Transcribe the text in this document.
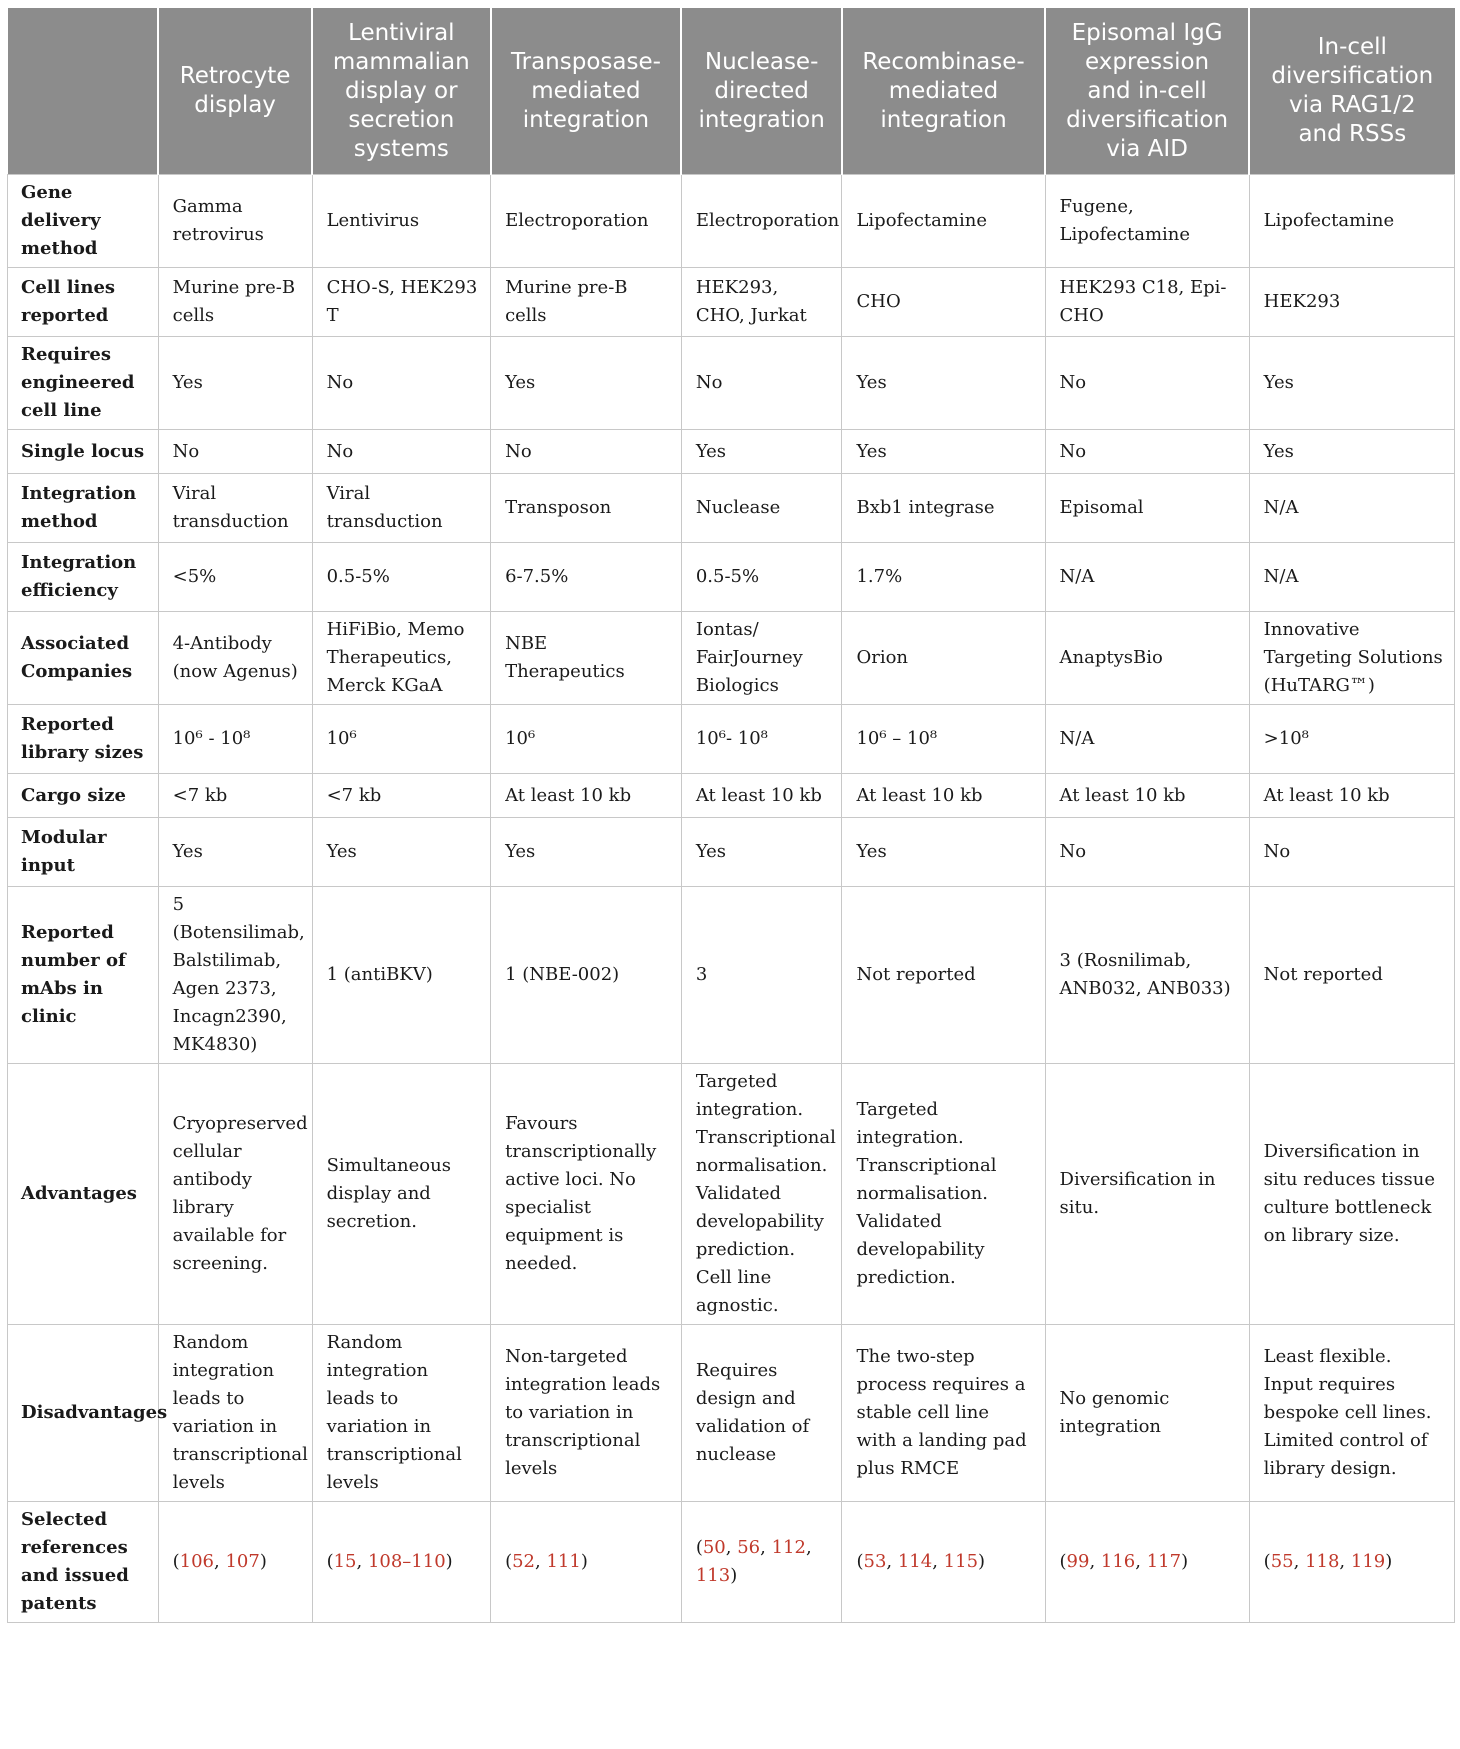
	Retrocyte
display	Lentiviral
mammalian
display or
secretion
systems	Transposase-
mediated
integration	Nuclease-
directed
integration	Recombinase-
mediated
integration	Episomal IgG
expression
and in-cell
diversification
via AID	In-cell
diversification
via RAG1/2
and RSSs

Gene delivery method	Gamma retrovirus	Lentivirus	Electroporation	Electroporation	Lipofectamine	Fugene, Lipofectamine	Lipofectamine
Cell lines reported	Murine pre-B cells	CHO-S, HEK293 T	Murine pre-B cells	HEK293, CHO, Jurkat	CHO	HEK293 C18, Epi-CHO	HEK293
Requires engineered cell line	Yes	No	Yes	No	Yes	No	Yes
Single locus	No	No	No	Yes	Yes	No	Yes
Integration method	Viral transduction	Viral transduction	Transposon	Nuclease	Bxb1 integrase	Episomal	N/A
Integration efficiency	<5%	0.5-5%	6-7.5%	0.5-5%	1.7%	N/A	N/A
Associated Companies	4-Antibody (now Agenus)	HiFiBio, Memo Therapeutics, Merck KGaA	NBE Therapeutics	Iontas/ FairJourney Biologics	Orion	AnaptysBio	Innovative Targeting Solutions (HuTARG™)
Reported library sizes	10⁶ - 10⁸	10⁶	10⁶	10⁶- 10⁸	10⁶ – 10⁸	N/A	>10⁸
Cargo size	<7 kb	<7 kb	At least 10 kb	At least 10 kb	At least 10 kb	At least 10 kb	At least 10 kb
Modular input	Yes	Yes	Yes	Yes	Yes	No	No
Reported number of mAbs in clinic	5 (Botensilimab, Balstilimab, Agen 2373, Incagn2390, MK4830)	1 (antiBKV)	1 (NBE-002)	3	Not reported	3 (Rosnilimab, ANB032, ANB033)	Not reported
Advantages	Cryopreserved cellular antibody library available for screening.	Simultaneous display and secretion.	Favours transcriptionally active loci. No specialist equipment is needed.	Targeted integration. Transcriptional normalisation. Validated developability prediction. Cell line agnostic.	Targeted integration. Transcriptional normalisation. Validated developability prediction.	Diversification in situ.	Diversification in situ reduces tissue culture bottleneck on library size.
Disadvantages	Random integration leads to variation in transcriptional levels	Random integration leads to variation in transcriptional levels	Non-targeted integration leads to variation in transcriptional levels	Requires design and validation of nuclease	The two-step process requires a stable cell line with a landing pad plus RMCE	No genomic integration	Least flexible. Input requires bespoke cell lines. Limited control of library design.
Selected references and issued patents	(106, 107)	(15, 108–110)	(52, 111)	(50, 56, 112, 113)	(53, 114, 115)	(99, 116, 117)	(55, 118, 119)
